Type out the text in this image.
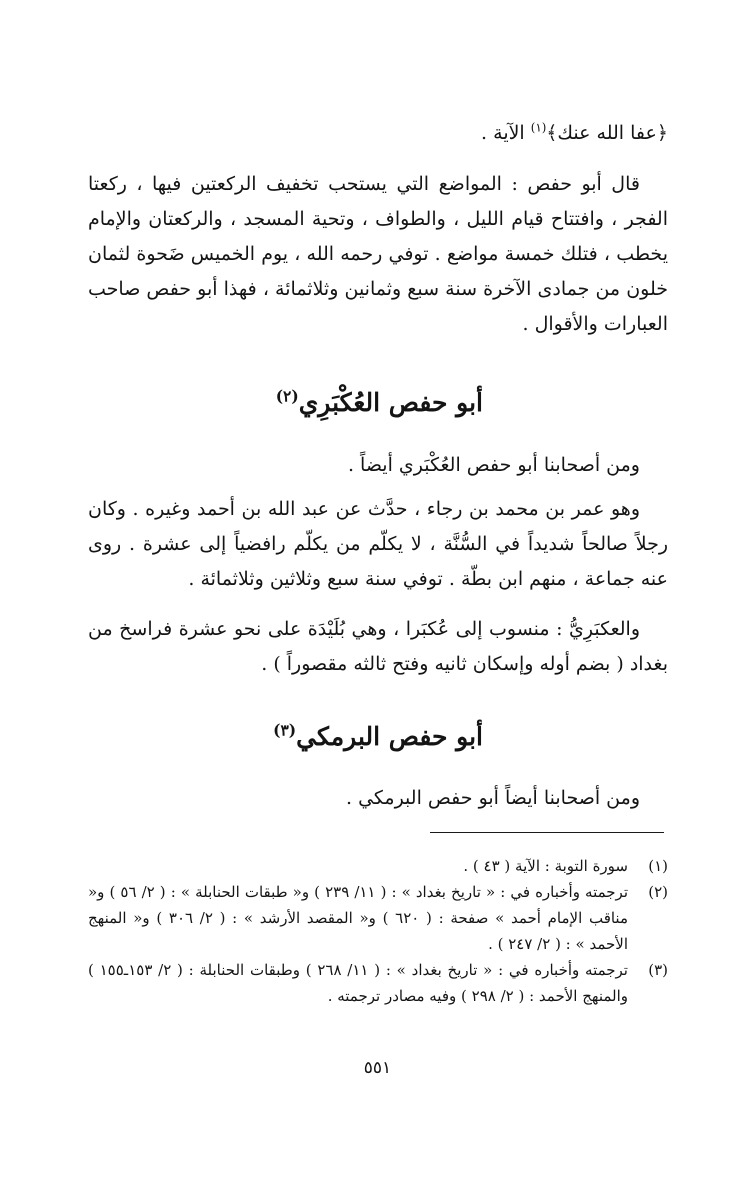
﴿عفا الله عنك﴾$^{(١)}$ الآية .

قال أبو حفص : المواضع التي يستحب تخفيف الركعتين فيها ، ركعتا الفجر ، وافتتاح قيام الليل ، والطواف ، وتحية المسجد ، والركعتان والإمام يخطب ، فتلك خمسة مواضع . توفي رحمه الله ، يوم الخميس ضَحوة لثمان خلون من جمادى الآخرة سنة سبع وثمانين وثلاثمائة ، فهذا أبو حفص صاحب العبارات والأقوال .

أبو حفص العُكْبَرِي$^{(٢)}$

ومن أصحابنا أبو حفص العُكْبَري أيضاً .

وهو عمر بن محمد بن رجاء ، حدَّث عن عبد الله بن أحمد وغيره . وكان رجلاً صالحاً شديداً في السُّنَّة ، لا يكلّم من يكلّم رافضياً إلى عشرة . روى عنه جماعة ، منهم ابن بطّة . توفي سنة سبع وثلاثين وثلاثمائة .

والعكبَرِيُّ : منسوب إلى عُكبَرا ، وهي بُلَيْدَة على نحو عشرة فراسخ من بغداد ( بضم أوله وإسكان ثانيه وفتح ثالثه مقصوراً ) .

أبو حفص البرمكي$^{(٣)}$

ومن أصحابنا أيضاً أبو حفص البرمكي .

(١)
سورة التوبة : الآية ( ٤٣ ) .
(٢)
ترجمته وأخباره في : « تاريخ بغداد » : ( ١١/ ٢٣٩ ) و« طبقات الحنابلة » : ( ٢/ ٥٦ ) و« مناقب الإمام أحمد » صفحة : ( ٦٢٠ ) و« المقصد الأرشد » : ( ٢/ ٣٠٦ ) و« المنهج الأحمد » : ( ٢/ ٢٤٧ ) .
(٣)
ترجمته وأخباره في : « تاريخ بغداد » : ( ١١/ ٢٦٨ ) وطبقات الحنابلة : ( ٢/ ١٥٣ـ١٥٥ ) والمنهج الأحمد : ( ٢/ ٢٩٨ ) وفيه مصادر ترجمته .
٥٥١
